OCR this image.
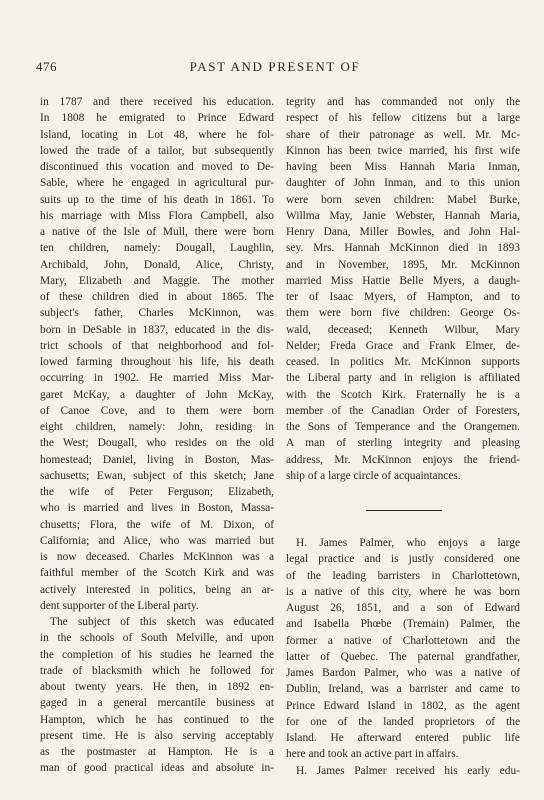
476	PAST AND PRESENT OF
in 1787 and there received his education.
In 1808 he emigrated to Prince Edward
Island, locating in Lot 48, where he fol-
lowed the trade of a tailor, but subsequently
discontinued this vocation and moved to De-
Sable, where he engaged in agricultural pur-
suits up to the time of his death in 1861. To
his marriage with Miss Flora Campbell, also
a native of the Isle of Mull, there were born
ten children, namely: Dougall, Laughlin,
Archibald, John, Donald, Alice, Christy,
Mary, Elizabeth and Maggie. The mother
of these children died in about 1865. The
subject's father, Charles McKinnon, was
born in DeSable in 1837, educated in the dis-
trict schools of that neighborhood and fol-
lowed farming throughout his life, his death
occurring in 1902. He married Miss Mar-
garet McKay, a daughter of John McKay,
of Canoe Cove, and to them were born
eight children, namely: John, residing in
the West; Dougall, who resides on the old
homestead; Daniel, living in Boston, Mas-
sachusetts; Ewan, subject of this sketch; Jane
the wife of Peter Ferguson; Elizabeth,
who is married and lives in Boston, Massa-
chusetts; Flora, the wife of M. Dixon, of
California; and Alice, who was married but
is now deceased. Charles McKinnon was a
faithful member of the Scotch Kirk and was
actively interested in politics, being an ar-
dent supporter of the Liberal party.
The subject of this sketch was educated
in the schools of South Melville, and upon
the completion of his studies he learned the
trade of blacksmith which he followed for
about twenty years. He then, in 1892 en-
gaged in a general mercantile business at
Hampton, which he has continued to the
present time. He is also serving acceptably
as the postmaster at Hampton. He is a
man of good practical ideas and absolute in-
tegrity and has commanded not only the
respect of his fellow citizens but a large
share of their patronage as well. Mr. Mc-
Kinnon has been twice married, his first wife
having been Miss Hannah Maria Inman,
daughter of John Inman, and to this union
were born seven children: Mabel Burke,
Willma May, Janie Webster, Hannah Maria,
Henry Dana, Miller Bowles, and John Hal-
sey. Mrs. Hannah McKinnon died in 1893
and in November, 1895, Mr. McKinnon
married Miss Hattie Belle Myers, a daugh-
ter of Isaac Myers, of Hampton, and to
them were born five children: George Os-
wald, deceased; Kenneth Wilbur, Mary
Nelder; Freda Grace and Frank Elmer, de-
ceased. In politics Mr. McKinnon supports
the Liberal party and in religion is affiliated
with the Scotch Kirk. Fraternally he is a
member of the Canadian Order of Foresters,
the Sons of Temperance and the Orangemen.
A man of sterling integrity and pleasing
address, Mr. McKinnon enjoys the friend-
ship of a large circle of acquaintances.
H. James Palmer, who enjoys a large
legal practice and is justly considered one
of the leading barristers in Charlottetown,
is a native of this city, where he was born
August 26, 1851, and a son of Edward
and Isabella Phœbe (Tremain) Palmer, the
former a native of Charlottetown and the
latter of Quebec. The paternal grandfather,
James Bardon Palmer, who was a native of
Dublin, Ireland, was a barrister and came to
Prince Edward Island in 1802, as the agent
for one of the landed proprietors of the
Island. He afterward entered public life
here and took an active part in affairs.
H. James Palmer received his early edu-
